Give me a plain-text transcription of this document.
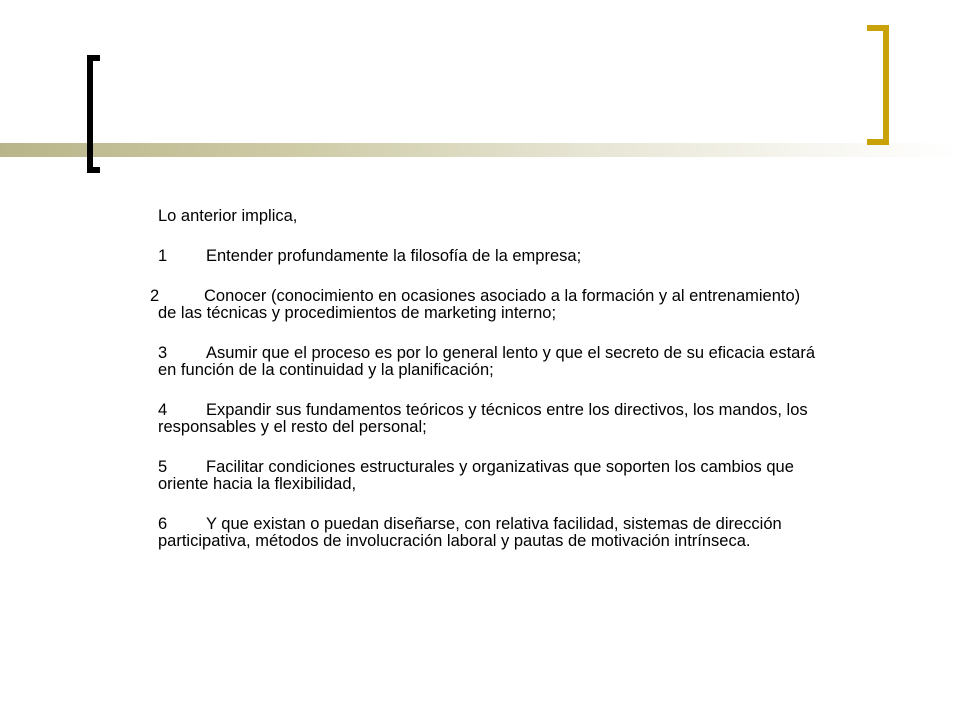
Lo anterior implica,

1 Entender profundamente la filosofía de la empresa;

2	Conocer (conocimiento en ocasiones asociado a la formación y al entrenamiento)
de las técnicas y procedimientos de marketing interno;

3 Asumir que el proceso es por lo general lento y que el secreto de su eficacia estará
en función de la continuidad y la planificación;

4 Expandir sus fundamentos teóricos y técnicos entre los directivos, los mandos, los
responsables y el resto del personal;

5 Facilitar condiciones estructurales y organizativas que soporten los cambios que
oriente hacia la flexibilidad,

6 Y que existan o puedan diseñarse, con relativa facilidad, sistemas de dirección
participativa, métodos de involucración laboral y pautas de motivación intrínseca.
